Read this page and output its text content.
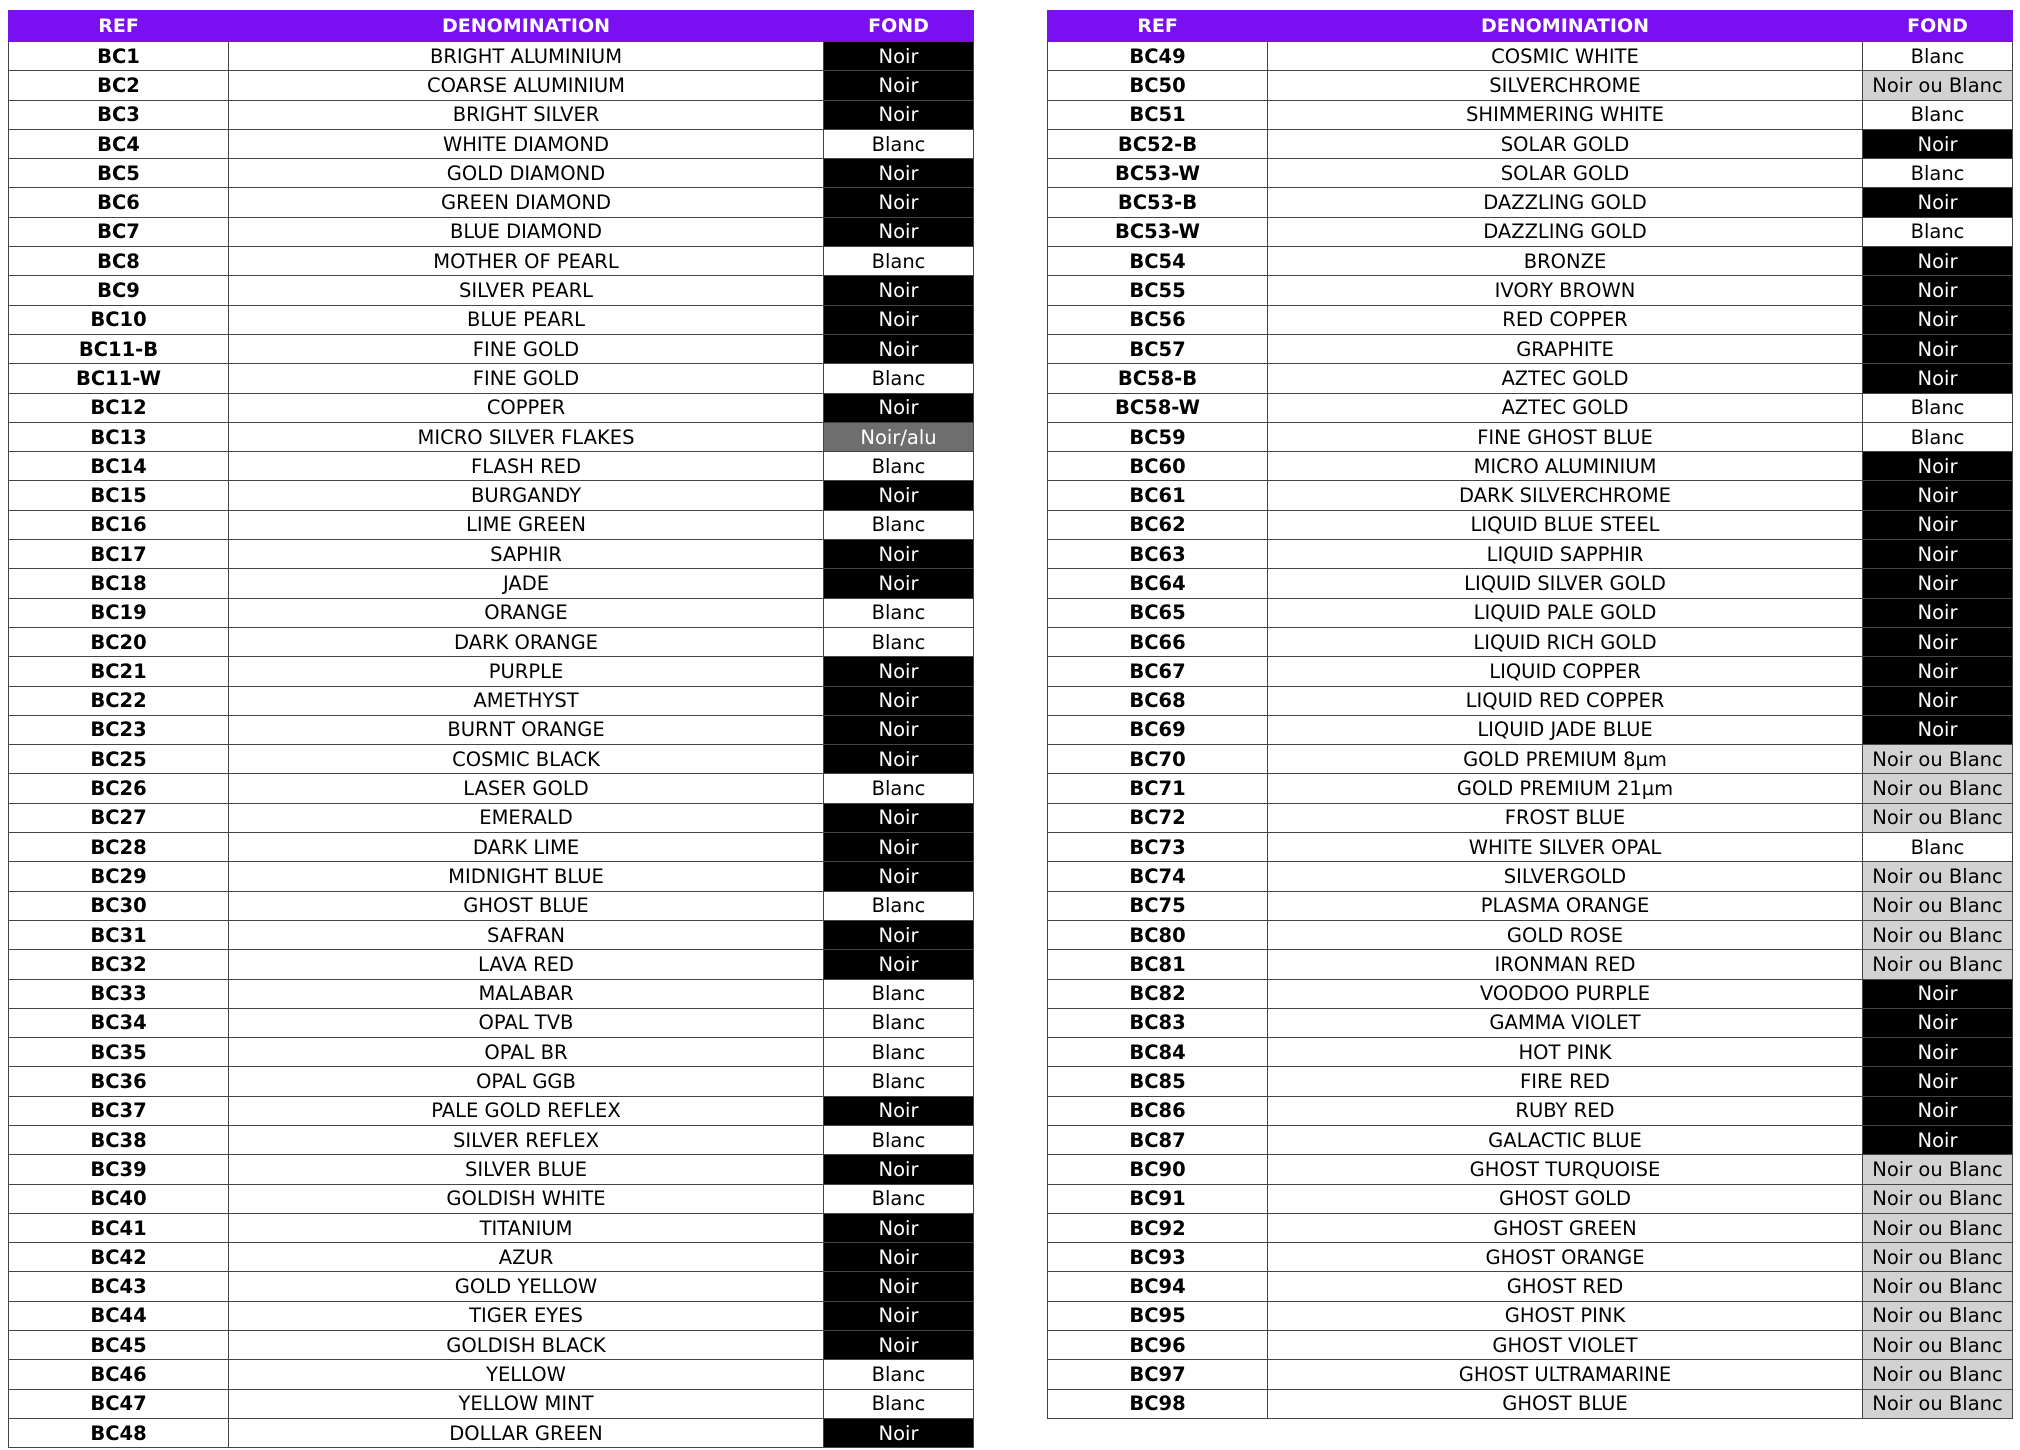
REF	DENOMINATION	FOND
BC1	BRIGHT ALUMINIUM	Noir
BC2	COARSE ALUMINIUM	Noir
BC3	BRIGHT SILVER	Noir
BC4	WHITE DIAMOND	Blanc
BC5	GOLD DIAMOND	Noir
BC6	GREEN DIAMOND	Noir
BC7	BLUE DIAMOND	Noir
BC8	MOTHER OF PEARL	Blanc
BC9	SILVER PEARL	Noir
BC10	BLUE PEARL	Noir
BC11-B	FINE GOLD	Noir
BC11-W	FINE GOLD	Blanc
BC12	COPPER	Noir
BC13	MICRO SILVER FLAKES	Noir/alu
BC14	FLASH RED	Blanc
BC15	BURGANDY	Noir
BC16	LIME GREEN	Blanc
BC17	SAPHIR	Noir
BC18	JADE	Noir
BC19	ORANGE	Blanc
BC20	DARK ORANGE	Blanc
BC21	PURPLE	Noir
BC22	AMETHYST	Noir
BC23	BURNT ORANGE	Noir
BC25	COSMIC BLACK	Noir
BC26	LASER GOLD	Blanc
BC27	EMERALD	Noir
BC28	DARK LIME	Noir
BC29	MIDNIGHT BLUE	Noir
BC30	GHOST BLUE	Blanc
BC31	SAFRAN	Noir
BC32	LAVA RED	Noir
BC33	MALABAR	Blanc
BC34	OPAL TVB	Blanc
BC35	OPAL BR	Blanc
BC36	OPAL GGB	Blanc
BC37	PALE GOLD REFLEX	Noir
BC38	SILVER REFLEX	Blanc
BC39	SILVER BLUE	Noir
BC40	GOLDISH WHITE	Blanc
BC41	TITANIUM	Noir
BC42	AZUR	Noir
BC43	GOLD YELLOW	Noir
BC44	TIGER EYES	Noir
BC45	GOLDISH BLACK	Noir
BC46	YELLOW	Blanc
BC47	YELLOW MINT	Blanc
BC48	DOLLAR GREEN	Noir
REF	DENOMINATION	FOND
BC49	COSMIC WHITE	Blanc
BC50	SILVERCHROME	Noir ou Blanc
BC51	SHIMMERING WHITE	Blanc
BC52-B	SOLAR GOLD	Noir
BC53-W	SOLAR GOLD	Blanc
BC53-B	DAZZLING GOLD	Noir
BC53-W	DAZZLING GOLD	Blanc
BC54	BRONZE	Noir
BC55	IVORY BROWN	Noir
BC56	RED COPPER	Noir
BC57	GRAPHITE	Noir
BC58-B	AZTEC GOLD	Noir
BC58-W	AZTEC GOLD	Blanc
BC59	FINE GHOST BLUE	Blanc
BC60	MICRO ALUMINIUM	Noir
BC61	DARK SILVERCHROME	Noir
BC62	LIQUID BLUE STEEL	Noir
BC63	LIQUID SAPPHIR	Noir
BC64	LIQUID SILVER GOLD	Noir
BC65	LIQUID PALE GOLD	Noir
BC66	LIQUID RICH GOLD	Noir
BC67	LIQUID COPPER	Noir
BC68	LIQUID RED COPPER	Noir
BC69	LIQUID JADE BLUE	Noir
BC70	GOLD PREMIUM 8µm	Noir ou Blanc
BC71	GOLD PREMIUM 21µm	Noir ou Blanc
BC72	FROST BLUE	Noir ou Blanc
BC73	WHITE SILVER OPAL	Blanc
BC74	SILVERGOLD	Noir ou Blanc
BC75	PLASMA ORANGE	Noir ou Blanc
BC80	GOLD ROSE	Noir ou Blanc
BC81	IRONMAN RED	Noir ou Blanc
BC82	VOODOO PURPLE	Noir
BC83	GAMMA VIOLET	Noir
BC84	HOT PINK	Noir
BC85	FIRE RED	Noir
BC86	RUBY RED	Noir
BC87	GALACTIC BLUE	Noir
BC90	GHOST TURQUOISE	Noir ou Blanc
BC91	GHOST GOLD	Noir ou Blanc
BC92	GHOST GREEN	Noir ou Blanc
BC93	GHOST ORANGE	Noir ou Blanc
BC94	GHOST RED	Noir ou Blanc
BC95	GHOST PINK	Noir ou Blanc
BC96	GHOST VIOLET	Noir ou Blanc
BC97	GHOST ULTRAMARINE	Noir ou Blanc
BC98	GHOST BLUE	Noir ou Blanc
